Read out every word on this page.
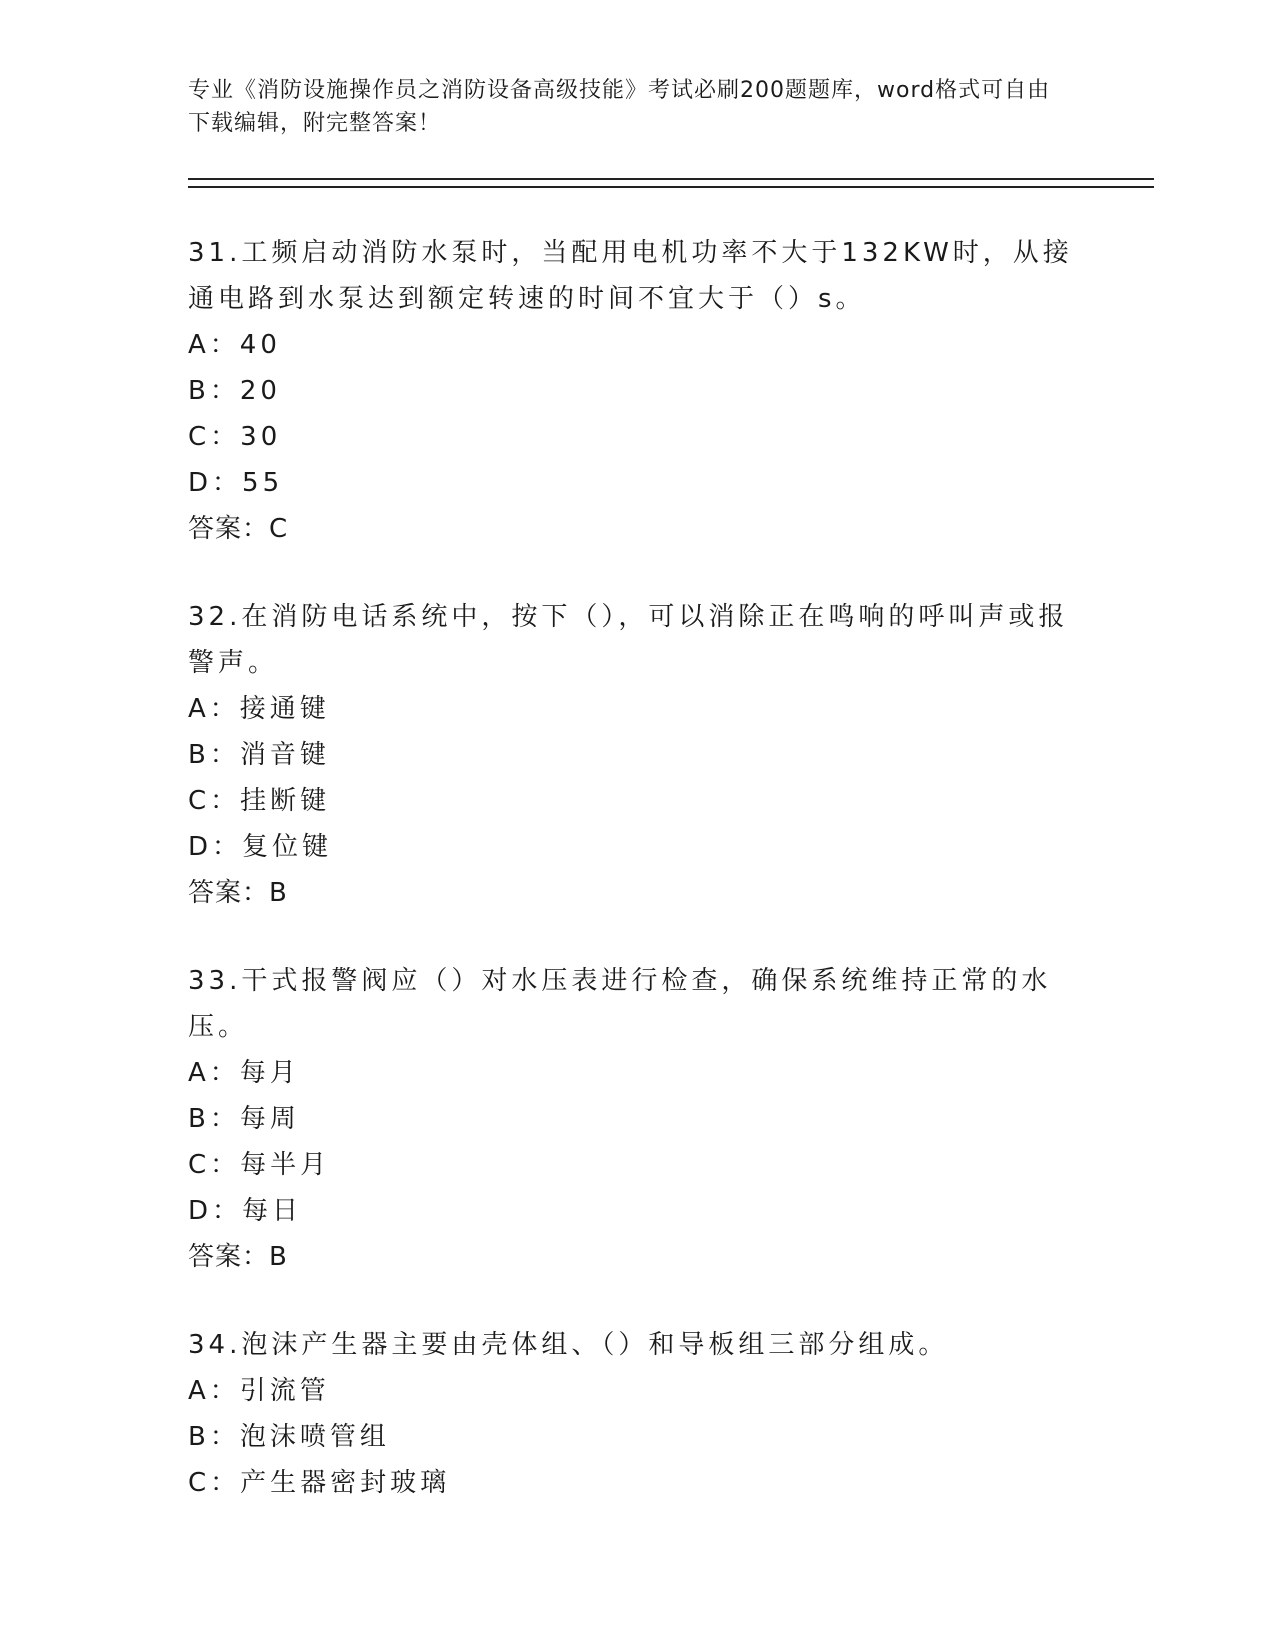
专业《消防设施操作员之消防设备高级技能》考试必刷200题题库，word格式可自由下载编辑，附完整答案！

31.工频启动消防水泵时，当配用电机功率不大于132KW时，从接通电路到水泵达到额定转速的时间不宜大于（）s。

A：40

B：20

C：30

D：55

答案：C

32.在消防电话系统中，按下（），可以消除正在鸣响的呼叫声或报警声。

A：接通键

B：消音键

C：挂断键

D：复位键

答案：B

33.干式报警阀应（）对水压表进行检查，确保系统维持正常的水压。

A：每月

B：每周

C：每半月

D：每日

答案：B

34.泡沫产生器主要由壳体组、（）和导板组三部分组成。

A：引流管

B：泡沫喷管组

C：产生器密封玻璃
